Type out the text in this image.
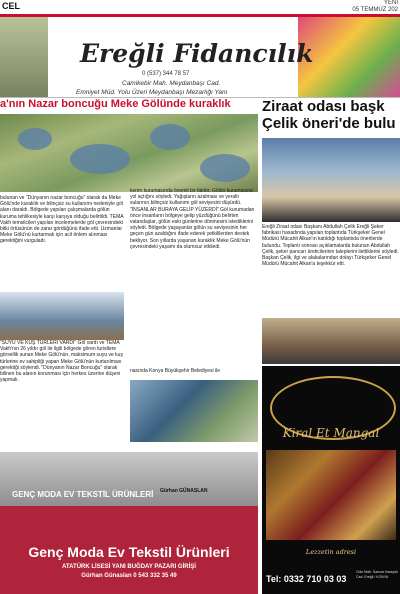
CEL	YENİ
05 TEMMUZ 202
Ereğli Fidancılık
0 (537) 344 78 57
Camikebir Mah. Meydanbaşı Cad.
Emniyet Müd. Yolu Üzeri Meydanbaşı Mezarlığı Yanı
a'nın Nazar boncuğu Meke Gölünde kuraklık
bulunan ve "Dünyanın nazar boncuğu" olarak da Meke Gölü'nde kuraklık ve bilinçsiz su kullanımı nedeniyle göl alanı daraldı. Bölgede yapılan çalışmalarda gölün kuruma tehlikesiyle karşı karşıya olduğu belirtildi. TEMA Vakfı temsilcileri yapılan incelemelerde göl çevresindeki bitki örtüsünün de zarar gördüğünü ifade etti. Uzmanlar Meke Gölü'nü kurtarmak için acil önlem alınması gerektiğini vurguladı.
"SUYU VE KUŞ TÜRLERİ VARDI" Göl vardı ve TEMA Vakfı'nın 26 yıldır göl ile ilgili bölgede gören turistlere görsellik sunan Meke Gölü'nün, maksimum suyu ve kuş türlerine ev sahipliği yapan Meke Gölü'nün kurtarılması gerektiği söylendi. "Dünyanın Nazar Boncuğu" olarak bilinen bu alanın korunması için herkes üzerine düşeni yapmalı.
kerim kurumasında önemli bir faktör. Gölün kurumasına yol açtığını söyledi. Yağışların azalması ve yeraltı sularının bilinçsiz kullanımı göl seviyesini düşürdü. "İNSANLAR BURAYA GELİP YÜZERDİ" Göl kurumadan önce insanların bölgeye gelip yüzdüğünü belirten vatandaşlar, gölün eski günlerine dönmesini istediklerini söyledi. Bölgede yaşayanlar gölün su seviyesinin her geçen gün azaldığını ifade ederek yetkililerden destek bekliyor. Son yıllarda yaşanan kuraklık Meke Gölü'nün çevresindeki yaşamı da olumsuz etkiledi.
nasında Konya Büyükşehir Belediyesi ile
GENÇ MODA EV TEKSTİL ÜRÜNLERİ Gürhan GÜNASLAN
Genç Moda Ev Tekstil Ürünleri
ATATÜRK LİSESİ YANI BUĞDAY PAZARI GİRİŞİ
Gürhan Günaslan 0 543 332 35 49
Ziraat odası başk
Çelik öneri'de bulu
Ereğli Ziraat odası Başkanı Abdullah Çelik Ereğli Şeker fabrikası hasadında yapılan toplantıda Türkşeker Genel Müdürü Mücahit Alkan'ın katıldığı toplantıda önerilerde bulundu. Toplantı sonrası açıklamalarda bulunan Abdullah Çelik, şeker pancarı üreticilerinin taleplerini ilettiklerini söyledi. Başkan Çelik, ilgi ve alakalarından dolayı Türkşeker Genel Müdürü Mücahit Alkan'a teşekkür etti.
Kiral Et Mangal
Lezzetin adresi
Tel: 0332 710 03 03
Cide Mah. Sancar Karaçalı Cad. Ereğli / KONYA
